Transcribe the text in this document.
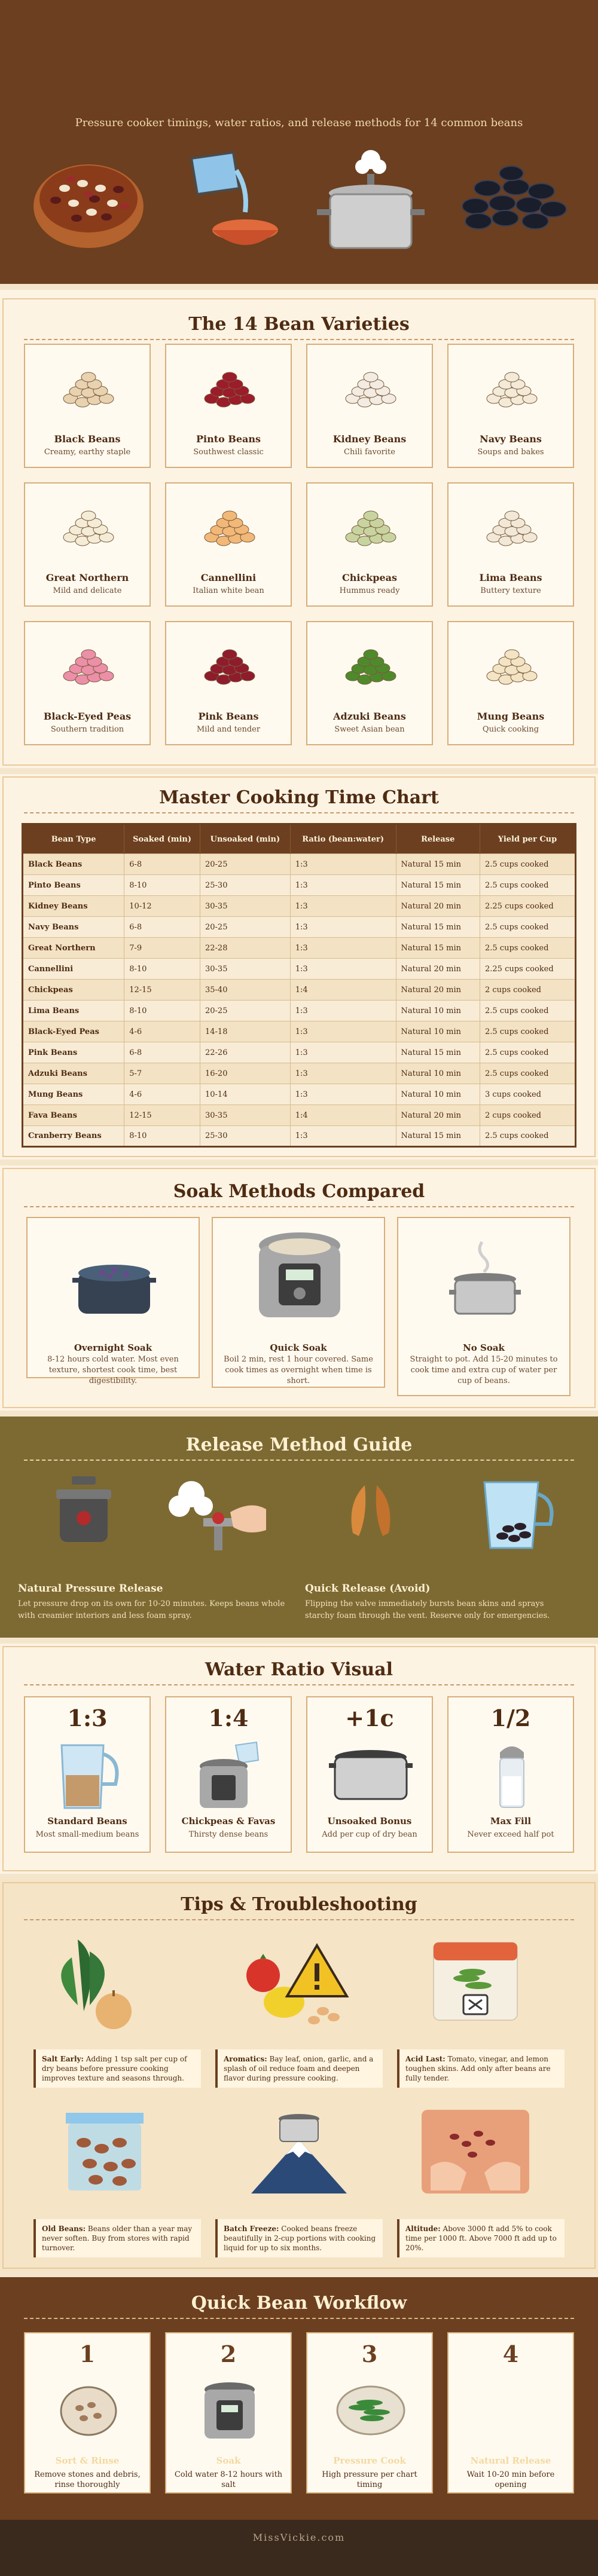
Pressure cooker timings, water ratios, and release methods for 14 common beans
The 14 Bean Varieties
Black Beans
Creamy, earthy staple
Pinto Beans
Southwest classic
Kidney Beans
Chili favorite
Navy Beans
Soups and bakes
Great Northern
Mild and delicate
Cannellini
Italian white bean
Chickpeas
Hummus ready
Lima Beans
Buttery texture
Black-Eyed Peas
Southern tradition
Pink Beans
Mild and tender
Adzuki Beans
Sweet Asian bean
Mung Beans
Quick cooking
Master Cooking Time Chart
Bean Type	Soaked (min)	Unsoaked (min)	Ratio (bean:water)	Release	Yield per Cup
Black Beans	6-8	20-25	1:3	Natural 15 min	2.5 cups cooked
Pinto Beans	8-10	25-30	1:3	Natural 15 min	2.5 cups cooked
Kidney Beans	10-12	30-35	1:3	Natural 20 min	2.25 cups cooked
Navy Beans	6-8	20-25	1:3	Natural 15 min	2.5 cups cooked
Great Northern	7-9	22-28	1:3	Natural 15 min	2.5 cups cooked
Cannellini	8-10	30-35	1:3	Natural 20 min	2.25 cups cooked
Chickpeas	12-15	35-40	1:4	Natural 20 min	2 cups cooked
Lima Beans	8-10	20-25	1:3	Natural 10 min	2.5 cups cooked
Black-Eyed Peas	4-6	14-18	1:3	Natural 10 min	2.5 cups cooked
Pink Beans	6-8	22-26	1:3	Natural 15 min	2.5 cups cooked
Adzuki Beans	5-7	16-20	1:3	Natural 10 min	2.5 cups cooked
Mung Beans	4-6	10-14	1:3	Natural 10 min	3 cups cooked
Fava Beans	12-15	30-35	1:4	Natural 20 min	2 cups cooked
Cranberry Beans	8-10	25-30	1:3	Natural 15 min	2.5 cups cooked
Soak Methods Compared
Overnight Soak
8-12 hours cold water. Most even texture, shortest cook time, best digestibility.
Quick Soak
Boil 2 min, rest 1 hour covered. Same cook times as overnight when time is short.
No Soak
Straight to pot. Add 15-20 minutes to cook time and extra cup of water per cup of beans.
Release Method Guide
Natural Pressure Release
Let pressure drop on its own for 10-20 minutes. Keeps beans whole with creamier interiors and less foam spray.
Quick Release (Avoid)
Flipping the valve immediately bursts bean skins and sprays starchy foam through the vent. Reserve only for emergencies.
Water Ratio Visual
1:3
Standard Beans
Most small-medium beans
1:4
Chickpeas & Favas
Thirsty dense beans
+1c
Unsoaked Bonus
Add per cup of dry bean
1/2
Max Fill
Never exceed half pot
Tips & Troubleshooting
Salt Early: Adding 1 tsp salt per cup of dry beans before pressure cooking improves texture and seasons through.
Aromatics: Bay leaf, onion, garlic, and a splash of oil reduce foam and deepen flavor during pressure cooking.
Acid Last: Tomato, vinegar, and lemon toughen skins. Add only after beans are fully tender.
Old Beans: Beans older than a year may never soften. Buy from stores with rapid turnover.
Batch Freeze: Cooked beans freeze beautifully in 2-cup portions with cooking liquid for up to six months.
Altitude: Above 3000 ft add 5% to cook time per 1000 ft. Above 7000 ft add up to 20%.
Quick Bean Workflow
1
Sort & Rinse
Remove stones and debris, rinse thoroughly
2
Soak
Cold water 8-12 hours with salt
3
Pressure Cook
High pressure per chart timing
4
Natural Release
Wait 10-20 min before opening
MissVickie.com
